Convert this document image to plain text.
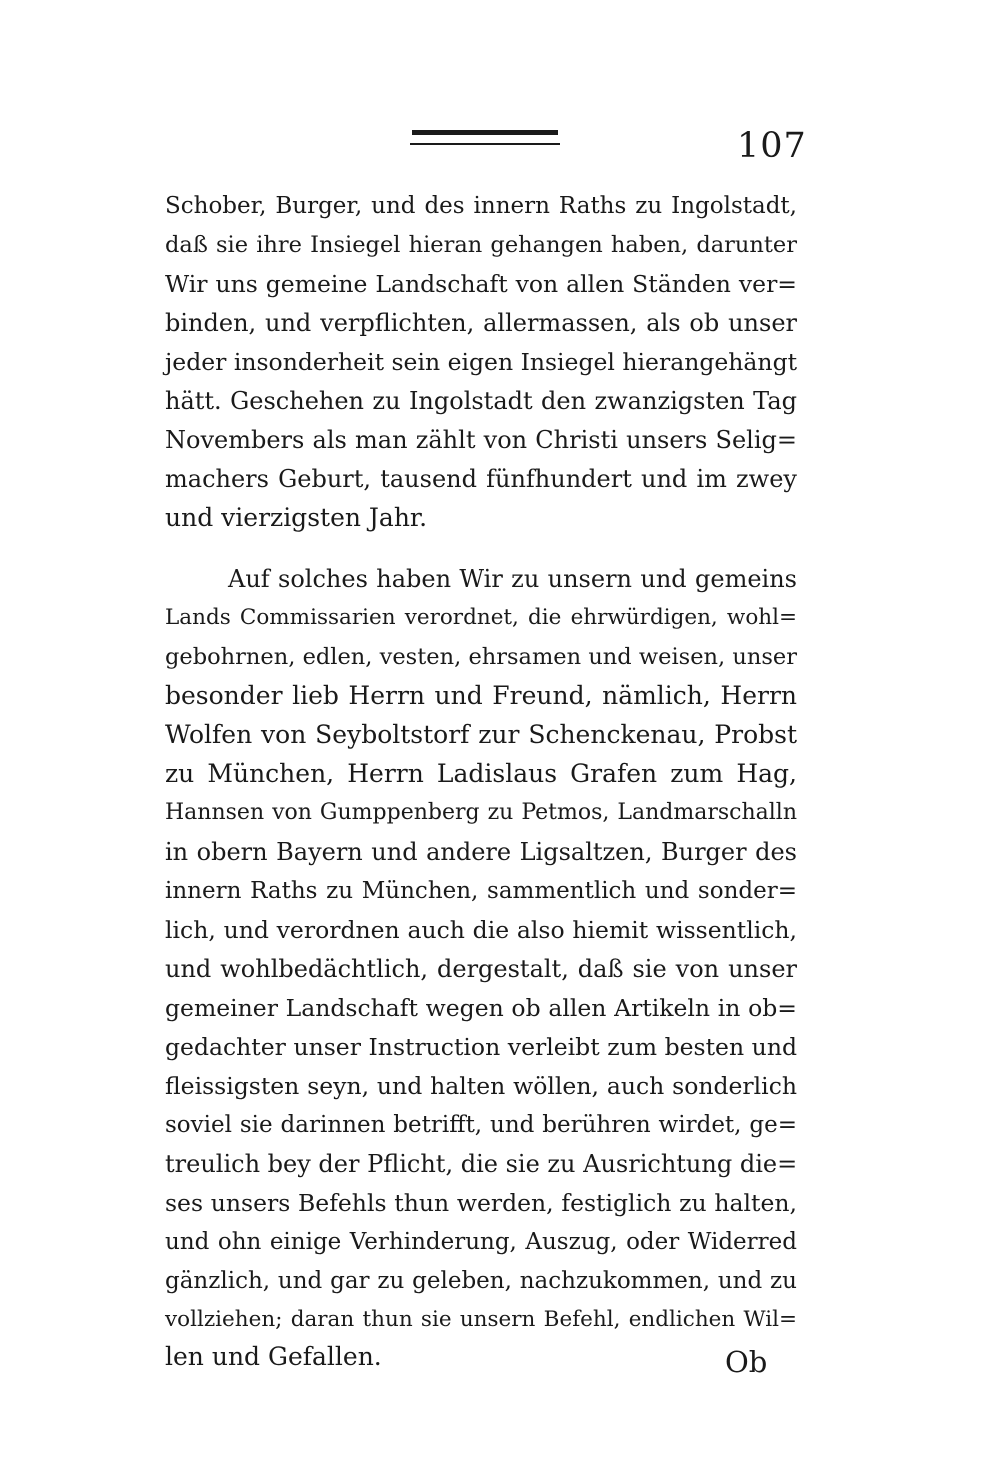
107
Schober, Burger, und des innern Raths zu Ingolstadt,
daß sie ihre Insiegel hieran gehangen haben, darunter
Wir uns gemeine Landschaft von allen Ständen ver=
binden, und verpflichten, allermassen, als ob unser
jeder insonderheit sein eigen Insiegel hierangehängt
hätt. Geschehen zu Ingolstadt den zwanzigsten Tag
Novembers als man zählt von Christi unsers Selig=
machers Geburt, tausend fünfhundert und im zwey
und vierzigsten Jahr.
Auf solches haben Wir zu unsern und gemeins
Lands Commissarien verordnet, die ehrwürdigen, wohl=
gebohrnen, edlen, vesten, ehrsamen und weisen, unser
besonder lieb Herrn und Freund, nämlich, Herrn
Wolfen von Seyboltstorf zur Schenckenau, Probst
zu München, Herrn Ladislaus Grafen zum Hag,
Hannsen von Gumppenberg zu Petmos, Landmarschalln
in obern Bayern und andere Ligsaltzen, Burger des
innern Raths zu München, sammentlich und sonder=
lich, und verordnen auch die also hiemit wissentlich,
und wohlbedächtlich, dergestalt, daß sie von unser
gemeiner Landschaft wegen ob allen Artikeln in ob=
gedachter unser Instruction verleibt zum besten und
fleissigsten seyn, und halten wöllen, auch sonderlich
soviel sie darinnen betrifft, und berühren wirdet, ge=
treulich bey der Pflicht, die sie zu Ausrichtung die=
ses unsers Befehls thun werden, festiglich zu halten,
und ohn einige Verhinderung, Auszug, oder Widerred
gänzlich, und gar zu geleben, nachzukommen, und zu
vollziehen; daran thun sie unsern Befehl, endlichen Wil=
len und Gefallen.	Ob
